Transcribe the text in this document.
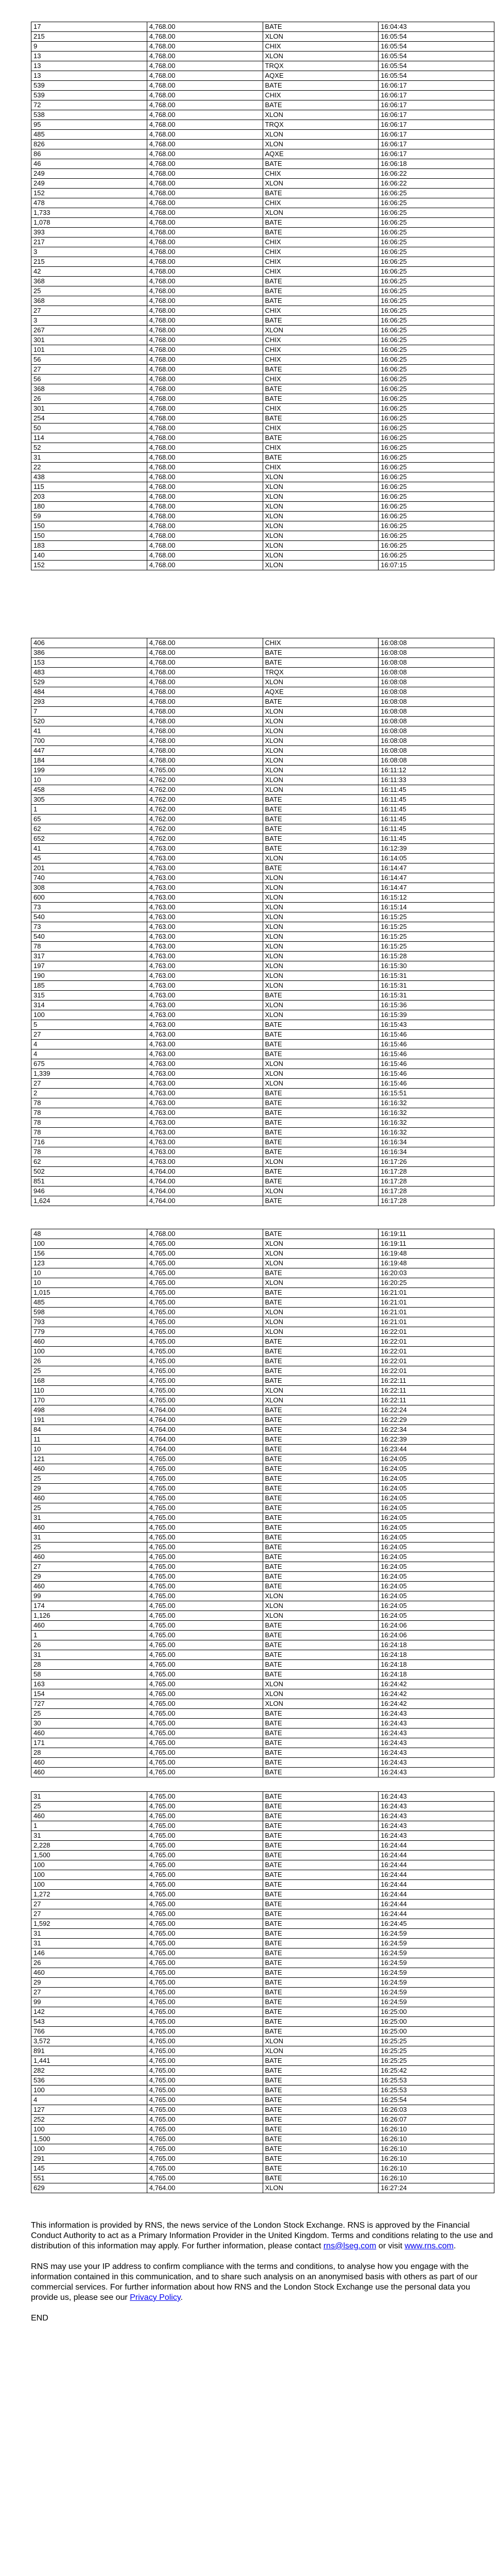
17	4,768.00	BATE	16:04:43
215	4,768.00	XLON	16:05:54
9	4,768.00	CHIX	16:05:54
13	4,768.00	XLON	16:05:54
13	4,768.00	TRQX	16:05:54
13	4,768.00	AQXE	16:05:54
539	4,768.00	BATE	16:06:17
539	4,768.00	CHIX	16:06:17
72	4,768.00	BATE	16:06:17
538	4,768.00	XLON	16:06:17
95	4,768.00	TRQX	16:06:17
485	4,768.00	XLON	16:06:17
826	4,768.00	XLON	16:06:17
86	4,768.00	AQXE	16:06:17
46	4,768.00	BATE	16:06:18
249	4,768.00	CHIX	16:06:22
249	4,768.00	XLON	16:06:22
152	4,768.00	BATE	16:06:25
478	4,768.00	CHIX	16:06:25
1,733	4,768.00	XLON	16:06:25
1,078	4,768.00	BATE	16:06:25
393	4,768.00	BATE	16:06:25
217	4,768.00	CHIX	16:06:25
3	4,768.00	CHIX	16:06:25
215	4,768.00	CHIX	16:06:25
42	4,768.00	CHIX	16:06:25
368	4,768.00	BATE	16:06:25
25	4,768.00	BATE	16:06:25
368	4,768.00	BATE	16:06:25
27	4,768.00	CHIX	16:06:25
3	4,768.00	BATE	16:06:25
267	4,768.00	XLON	16:06:25
301	4,768.00	CHIX	16:06:25
101	4,768.00	CHIX	16:06:25
56	4,768.00	CHIX	16:06:25
27	4,768.00	BATE	16:06:25
56	4,768.00	CHIX	16:06:25
368	4,768.00	BATE	16:06:25
26	4,768.00	BATE	16:06:25
301	4,768.00	CHIX	16:06:25
254	4,768.00	BATE	16:06:25
50	4,768.00	CHIX	16:06:25
114	4,768.00	BATE	16:06:25
52	4,768.00	CHIX	16:06:25
31	4,768.00	BATE	16:06:25
22	4,768.00	CHIX	16:06:25
438	4,768.00	XLON	16:06:25
115	4,768.00	XLON	16:06:25
203	4,768.00	XLON	16:06:25
180	4,768.00	XLON	16:06:25
59	4,768.00	XLON	16:06:25
150	4,768.00	XLON	16:06:25
150	4,768.00	XLON	16:06:25
183	4,768.00	XLON	16:06:25
140	4,768.00	XLON	16:06:25
152	4,768.00	XLON	16:07:15
406	4,768.00	CHIX	16:08:08
386	4,768.00	BATE	16:08:08
153	4,768.00	BATE	16:08:08
483	4,768.00	TRQX	16:08:08
529	4,768.00	XLON	16:08:08
484	4,768.00	AQXE	16:08:08
293	4,768.00	BATE	16:08:08
7	4,768.00	XLON	16:08:08
520	4,768.00	XLON	16:08:08
41	4,768.00	XLON	16:08:08
700	4,768.00	XLON	16:08:08
447	4,768.00	XLON	16:08:08
184	4,768.00	XLON	16:08:08
199	4,765.00	XLON	16:11:12
10	4,762.00	XLON	16:11:33
458	4,762.00	XLON	16:11:45
305	4,762.00	BATE	16:11:45
1	4,762.00	BATE	16:11:45
65	4,762.00	BATE	16:11:45
62	4,762.00	BATE	16:11:45
652	4,762.00	BATE	16:11:45
41	4,763.00	BATE	16:12:39
45	4,763.00	XLON	16:14:05
201	4,763.00	BATE	16:14:47
740	4,763.00	XLON	16:14:47
308	4,763.00	XLON	16:14:47
600	4,763.00	XLON	16:15:12
73	4,763.00	XLON	16:15:14
540	4,763.00	XLON	16:15:25
73	4,763.00	XLON	16:15:25
540	4,763.00	XLON	16:15:25
78	4,763.00	XLON	16:15:25
317	4,763.00	XLON	16:15:28
197	4,763.00	XLON	16:15:30
190	4,763.00	XLON	16:15:31
185	4,763.00	XLON	16:15:31
315	4,763.00	BATE	16:15:31
314	4,763.00	XLON	16:15:36
100	4,763.00	XLON	16:15:39
5	4,763.00	BATE	16:15:43
27	4,763.00	BATE	16:15:46
4	4,763.00	BATE	16:15:46
4	4,763.00	BATE	16:15:46
675	4,763.00	XLON	16:15:46
1,339	4,763.00	XLON	16:15:46
27	4,763.00	XLON	16:15:46
2	4,763.00	BATE	16:15:51
78	4,763.00	BATE	16:16:32
78	4,763.00	BATE	16:16:32
78	4,763.00	BATE	16:16:32
78	4,763.00	BATE	16:16:32
716	4,763.00	BATE	16:16:34
78	4,763.00	BATE	16:16:34
62	4,763.00	XLON	16:17:26
502	4,764.00	BATE	16:17:28
851	4,764.00	BATE	16:17:28
946	4,764.00	XLON	16:17:28
1,624	4,764.00	BATE	16:17:28
48	4,768.00	BATE	16:19:11
100	4,765.00	XLON	16:19:11
156	4,765.00	XLON	16:19:48
123	4,765.00	XLON	16:19:48
10	4,765.00	BATE	16:20:03
10	4,765.00	XLON	16:20:25
1,015	4,765.00	BATE	16:21:01
485	4,765.00	BATE	16:21:01
598	4,765.00	XLON	16:21:01
793	4,765.00	XLON	16:21:01
779	4,765.00	XLON	16:22:01
460	4,765.00	BATE	16:22:01
100	4,765.00	BATE	16:22:01
26	4,765.00	BATE	16:22:01
25	4,765.00	BATE	16:22:01
168	4,765.00	BATE	16:22:11
110	4,765.00	XLON	16:22:11
170	4,765.00	XLON	16:22:11
498	4,764.00	BATE	16:22:24
191	4,764.00	BATE	16:22:29
84	4,764.00	BATE	16:22:34
11	4,764.00	BATE	16:22:39
10	4,764.00	BATE	16:23:44
121	4,765.00	BATE	16:24:05
460	4,765.00	BATE	16:24:05
25	4,765.00	BATE	16:24:05
29	4,765.00	BATE	16:24:05
460	4,765.00	BATE	16:24:05
25	4,765.00	BATE	16:24:05
31	4,765.00	BATE	16:24:05
460	4,765.00	BATE	16:24:05
31	4,765.00	BATE	16:24:05
25	4,765.00	BATE	16:24:05
460	4,765.00	BATE	16:24:05
27	4,765.00	BATE	16:24:05
29	4,765.00	BATE	16:24:05
460	4,765.00	BATE	16:24:05
99	4,765.00	XLON	16:24:05
174	4,765.00	XLON	16:24:05
1,126	4,765.00	XLON	16:24:05
460	4,765.00	BATE	16:24:06
1	4,765.00	BATE	16:24:06
26	4,765.00	BATE	16:24:18
31	4,765.00	BATE	16:24:18
28	4,765.00	BATE	16:24:18
58	4,765.00	BATE	16:24:18
163	4,765.00	XLON	16:24:42
154	4,765.00	XLON	16:24:42
727	4,765.00	XLON	16:24:42
25	4,765.00	BATE	16:24:43
30	4,765.00	BATE	16:24:43
460	4,765.00	BATE	16:24:43
171	4,765.00	BATE	16:24:43
28	4,765.00	BATE	16:24:43
460	4,765.00	BATE	16:24:43
460	4,765.00	BATE	16:24:43
31	4,765.00	BATE	16:24:43
25	4,765.00	BATE	16:24:43
460	4,765.00	BATE	16:24:43
1	4,765.00	BATE	16:24:43
31	4,765.00	BATE	16:24:43
2,228	4,765.00	BATE	16:24:44
1,500	4,765.00	BATE	16:24:44
100	4,765.00	BATE	16:24:44
100	4,765.00	BATE	16:24:44
100	4,765.00	BATE	16:24:44
1,272	4,765.00	BATE	16:24:44
27	4,765.00	BATE	16:24:44
27	4,765.00	BATE	16:24:44
1,592	4,765.00	BATE	16:24:45
31	4,765.00	BATE	16:24:59
31	4,765.00	BATE	16:24:59
146	4,765.00	BATE	16:24:59
26	4,765.00	BATE	16:24:59
460	4,765.00	BATE	16:24:59
29	4,765.00	BATE	16:24:59
27	4,765.00	BATE	16:24:59
99	4,765.00	BATE	16:24:59
142	4,765.00	BATE	16:25:00
543	4,765.00	BATE	16:25:00
766	4,765.00	BATE	16:25:00
3,572	4,765.00	XLON	16:25:25
891	4,765.00	XLON	16:25:25
1,441	4,765.00	BATE	16:25:25
282	4,765.00	BATE	16:25:42
536	4,765.00	BATE	16:25:53
100	4,765.00	BATE	16:25:53
4	4,765.00	BATE	16:25:54
127	4,765.00	BATE	16:26:03
252	4,765.00	BATE	16:26:07
100	4,765.00	BATE	16:26:10
1,500	4,765.00	BATE	16:26:10
100	4,765.00	BATE	16:26:10
291	4,765.00	BATE	16:26:10
145	4,765.00	BATE	16:26:10
551	4,765.00	BATE	16:26:10
629	4,764.00	XLON	16:27:24

This information is provided by RNS, the news service of the London Stock Exchange. RNS is approved by the Financial Conduct Authority to act as a Primary Information Provider in the United Kingdom. Terms and conditions relating to the use and distribution of this information may apply. For further information, please contact rns@lseg.com or visit www.rns.com.

RNS may use your IP address to confirm compliance with the terms and conditions, to analyse how you engage with the information contained in this communication, and to share such analysis on an anonymised basis with others as part of our commercial services. For further information about how RNS and the London Stock Exchange use the personal data you provide us, please see our Privacy Policy.

END
